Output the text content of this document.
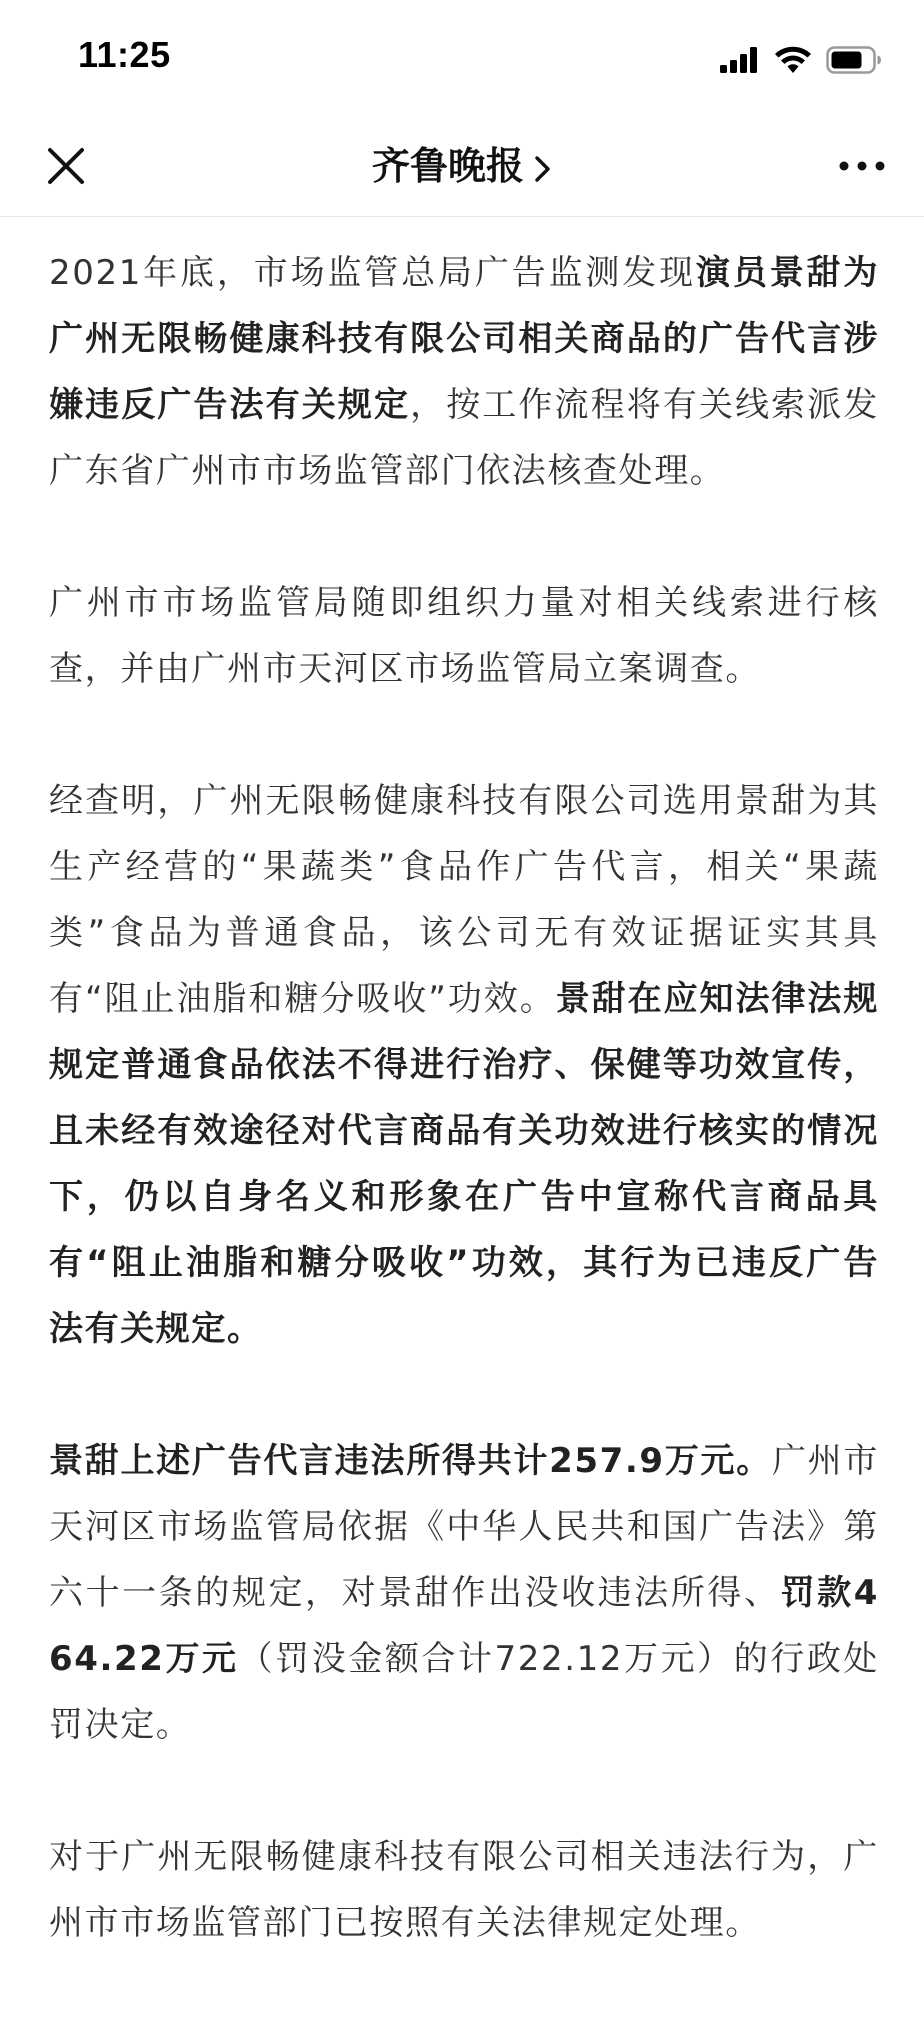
11:25
齐鲁晚报

2021年底，市场监管总局广告监测发现演员景甜为广州无限畅健康科技有限公司相关商品的广告代言涉嫌违反广告法有关规定，按工作流程将有关线索派发广东省广州市市场监管部门依法核查处理。

广州市市场监管局随即组织力量对相关线索进行核查，并由广州市天河区市场监管局立案调查。

经查明，广州无限畅健康科技有限公司选用景甜为其生产经营的“果蔬类”食品作广告代言，相关“果蔬类”食品为普通食品，该公司无有效证据证实其具有“阻止油脂和糖分吸收”功效。景甜在应知法律法规规定普通食品依法不得进行治疗、保健等功效宣传，且未经有效途径对代言商品有关功效进行核实的情况下，仍以自身名义和形象在广告中宣称代言商品具有“阻止油脂和糖分吸收”功效，其行为已违反广告法有关规定。

景甜上述广告代言违法所得共计257.9万元。广州市天河区市场监管局依据《中华人民共和国广告法》第六十一条的规定，对景甜作出没收违法所得、罚款464.22万元（罚没金额合计722.12万元）的行政处罚决定。

对于广州无限畅健康科技有限公司相关违法行为，广州市市场监管部门已按照有关法律规定处理。
